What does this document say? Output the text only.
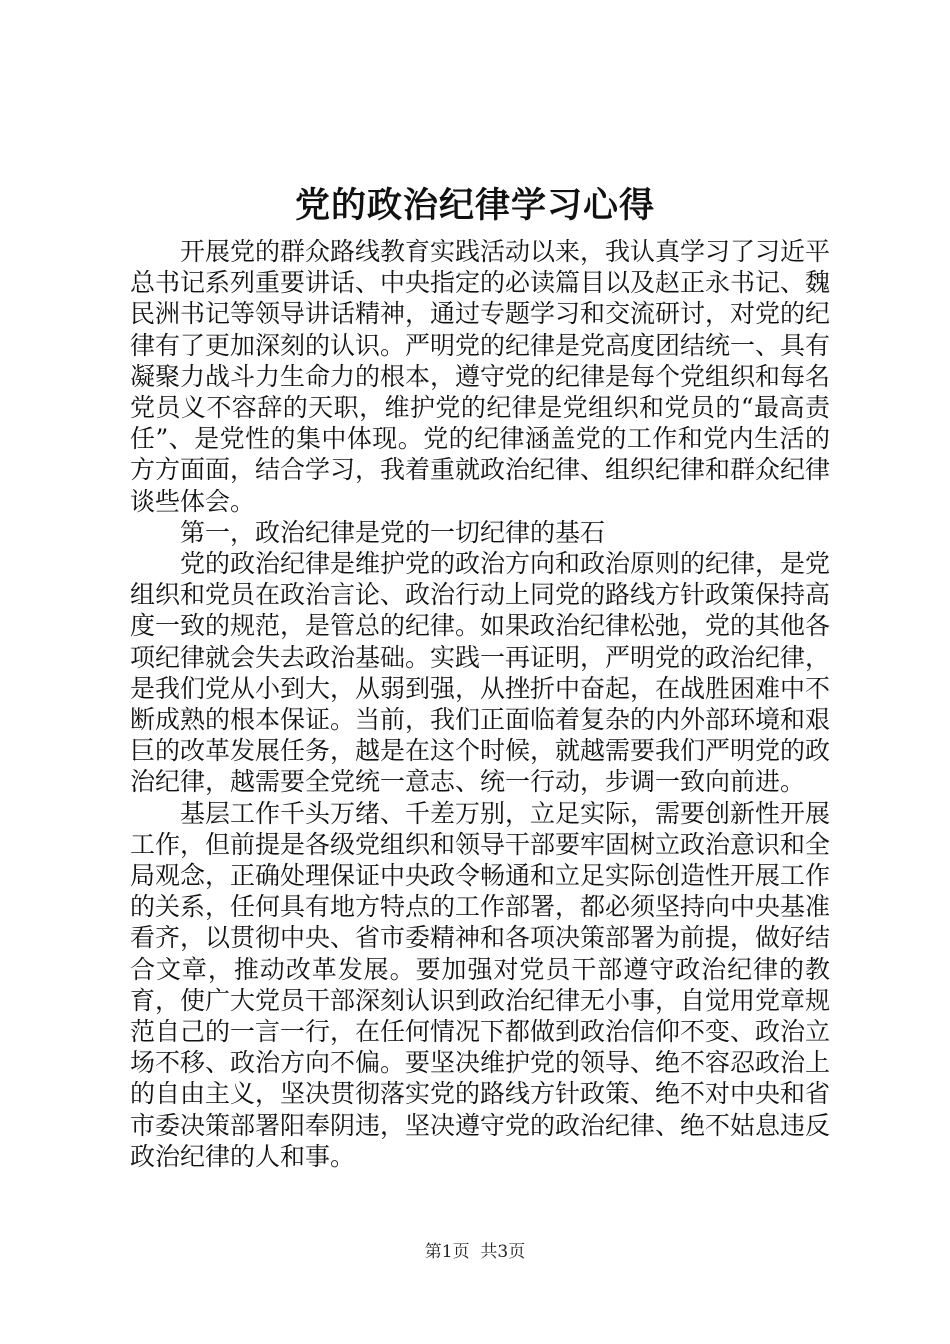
党的政治纪律学习心得

开展党的群众路线教育实践活动以来，我认真学习了习近平总书记系列重要讲话、中央指定的必读篇目以及赵正永书记、魏民洲书记等领导讲话精神，通过专题学习和交流研讨，对党的纪律有了更加深刻的认识。严明党的纪律是党高度团结统一、具有凝聚力战斗力生命力的根本，遵守党的纪律是每个党组织和每名党员义不容辞的天职，维护党的纪律是党组织和党员的“最高责任”、是党性的集中体现。党的纪律涵盖党的工作和党内生活的方方面面，结合学习，我着重就政治纪律、组织纪律和群众纪律谈些体会。

第一，政治纪律是党的一切纪律的基石

党的政治纪律是维护党的政治方向和政治原则的纪律，是党组织和党员在政治言论、政治行动上同党的路线方针政策保持高度一致的规范，是管总的纪律。如果政治纪律松弛，党的其他各项纪律就会失去政治基础。实践一再证明，严明党的政治纪律，是我们党从小到大，从弱到强，从挫折中奋起，在战胜困难中不断成熟的根本保证。当前，我们正面临着复杂的内外部环境和艰巨的改革发展任务，越是在这个时候，就越需要我们严明党的政治纪律，越需要全党统一意志、统一行动，步调一致向前进。

基层工作千头万绪、千差万别，立足实际，需要创新性开展工作，但前提是各级党组织和领导干部要牢固树立政治意识和全局观念，正确处理保证中央政令畅通和立足实际创造性开展工作的关系，任何具有地方特点的工作部署，都必须坚持向中央基准看齐，以贯彻中央、省市委精神和各项决策部署为前提，做好结合文章，推动改革发展。要加强对党员干部遵守政治纪律的教育，使广大党员干部深刻认识到政治纪律无小事，自觉用党章规范自己的一言一行，在任何情况下都做到政治信仰不变、政治立场不移、政治方向不偏。要坚决维护党的领导、绝不容忍政治上的自由主义，坚决贯彻落实党的路线方针政策、绝不对中央和省市委决策部署阳奉阴违，坚决遵守党的政治纪律、绝不姑息违反政治纪律的人和事。

第1页  共3页
